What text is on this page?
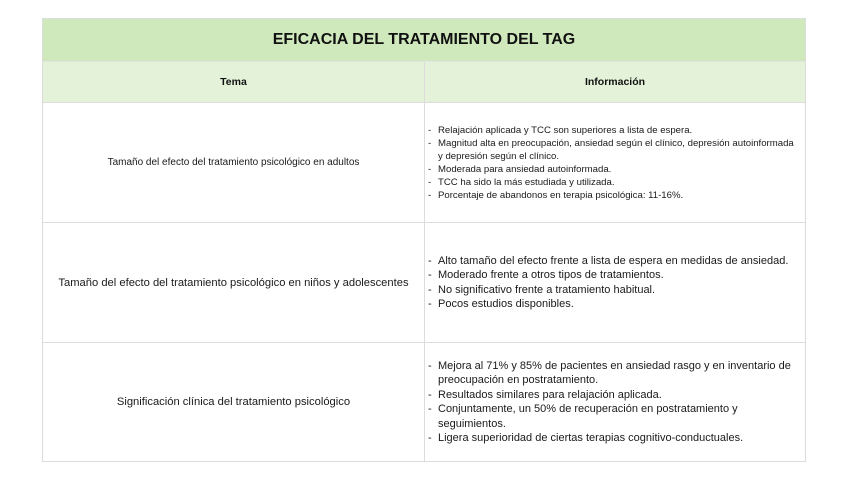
EFICACIA DEL TRATAMIENTO DEL TAG
Tema	Información
Tamaño del efecto del tratamiento psicológico en adultos
- Relajación aplicada y TCC son superiores a lista de espera.
- Magnitud alta en preocupación, ansiedad según el clínico, depresión autoinformada y depresión según el clínico.
- Moderada para ansiedad autoinformada.
- TCC ha sido la más estudiada y utilizada.
- Porcentaje de abandonos en terapia psicológica: 11-16%.
Tamaño del efecto del tratamiento psicológico en niños y adolescentes
- Alto tamaño del efecto frente a lista de espera en medidas de ansiedad.
- Moderado frente a otros tipos de tratamientos.
- No significativo frente a tratamiento habitual.
- Pocos estudios disponibles.
Significación clínica del tratamiento psicológico
- Mejora al 71% y 85% de pacientes en ansiedad rasgo y en inventario de preocupación en postratamiento.
- Resultados similares para relajación aplicada.
- Conjuntamente, un 50% de recuperación en postratamiento y seguimientos.
- Ligera superioridad de ciertas terapias cognitivo-conductuales.
